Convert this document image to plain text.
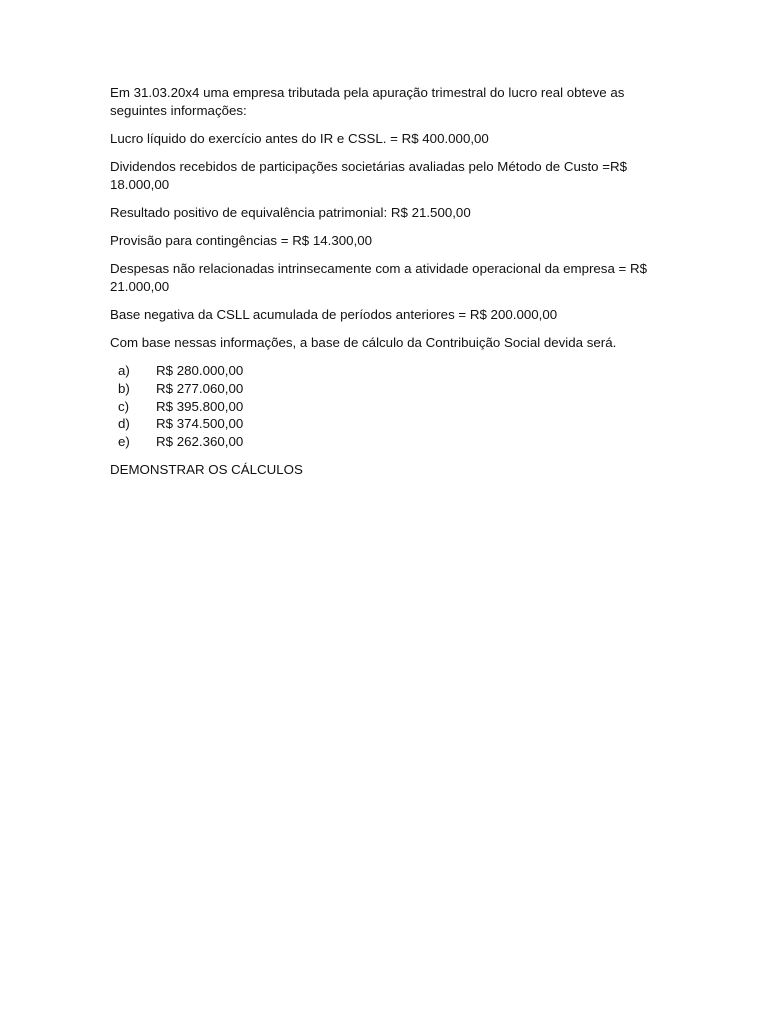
Em 31.03.20x4 uma empresa tributada pela apuração trimestral do lucro real obteve as seguintes informações:

Lucro líquido do exercício antes do IR e CSSL. = R$ 400.000,00

Dividendos recebidos de participações societárias avaliadas pelo Método de Custo =R$ 18.000,00

Resultado positivo de equivalência patrimonial: R$ 21.500,00

Provisão para contingências = R$ 14.300,00

Despesas não relacionadas intrinsecamente com a atividade operacional da empresa = R$ 21.000,00

Base negativa da CSLL acumulada de períodos anteriores = R$ 200.000,00

Com base nessas informações, a base de cálculo da Contribuição Social devida será.

a)	R$ 280.000,00
b)	R$ 277.060,00
c)	R$ 395.800,00
d)	R$ 374.500,00
e)	R$ 262.360,00

DEMONSTRAR OS CÁLCULOS
